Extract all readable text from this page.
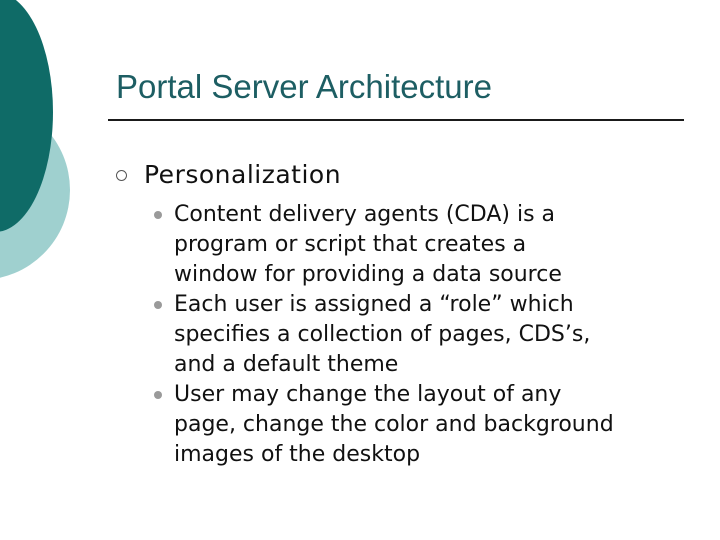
Portal Server Architecture
Personalization
Content delivery agents (CDA) is a
program or script that creates a
window for providing a data source
Each user is assigned a “role” which
specifies a collection of pages, CDS’s,
and a default theme
User may change the layout of any
page, change the color and background
images of the desktop
